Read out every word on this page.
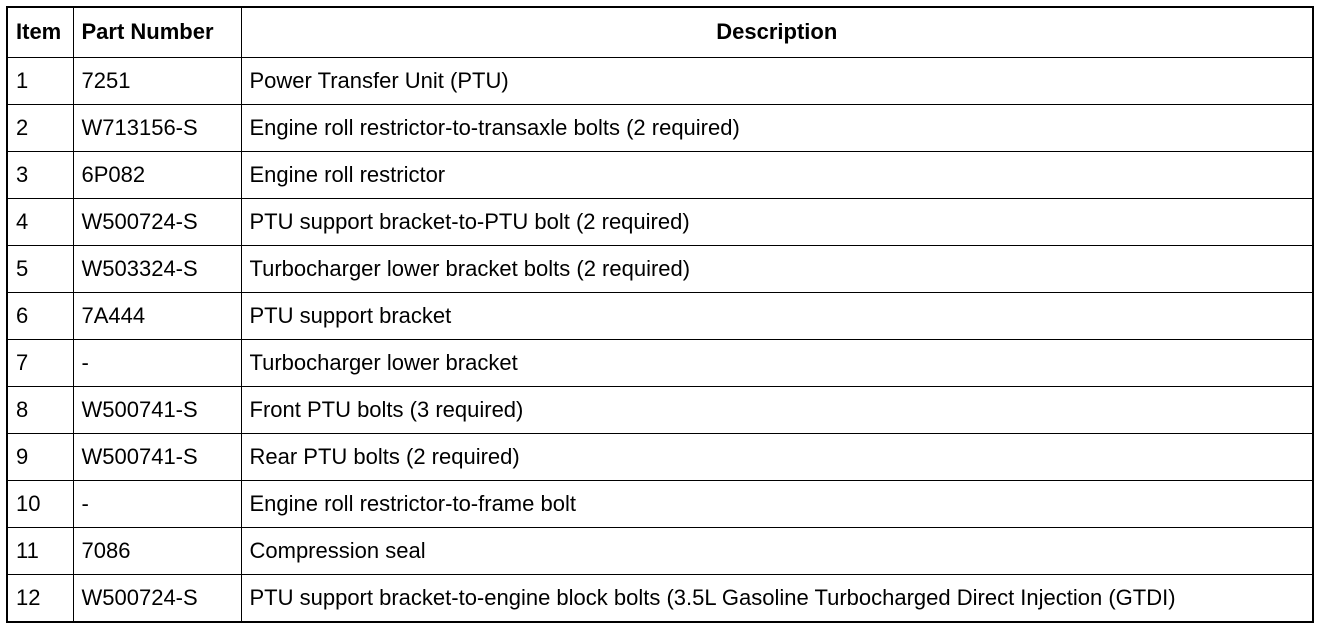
Item	Part Number	Description
1	7251	Power Transfer Unit (PTU)
2	W713156-S	Engine roll restrictor-to-transaxle bolts (2 required)
3	6P082	Engine roll restrictor
4	W500724-S	PTU support bracket-to-PTU bolt (2 required)
5	W503324-S	Turbocharger lower bracket bolts (2 required)
6	7A444	PTU support bracket
7	-	Turbocharger lower bracket
8	W500741-S	Front PTU bolts (3 required)
9	W500741-S	Rear PTU bolts (2 required)
10	-	Engine roll restrictor-to-frame bolt
11	7086	Compression seal
12	W500724-S	PTU support bracket-to-engine block bolts (3.5L Gasoline Turbocharged Direct Injection (GTDI)
